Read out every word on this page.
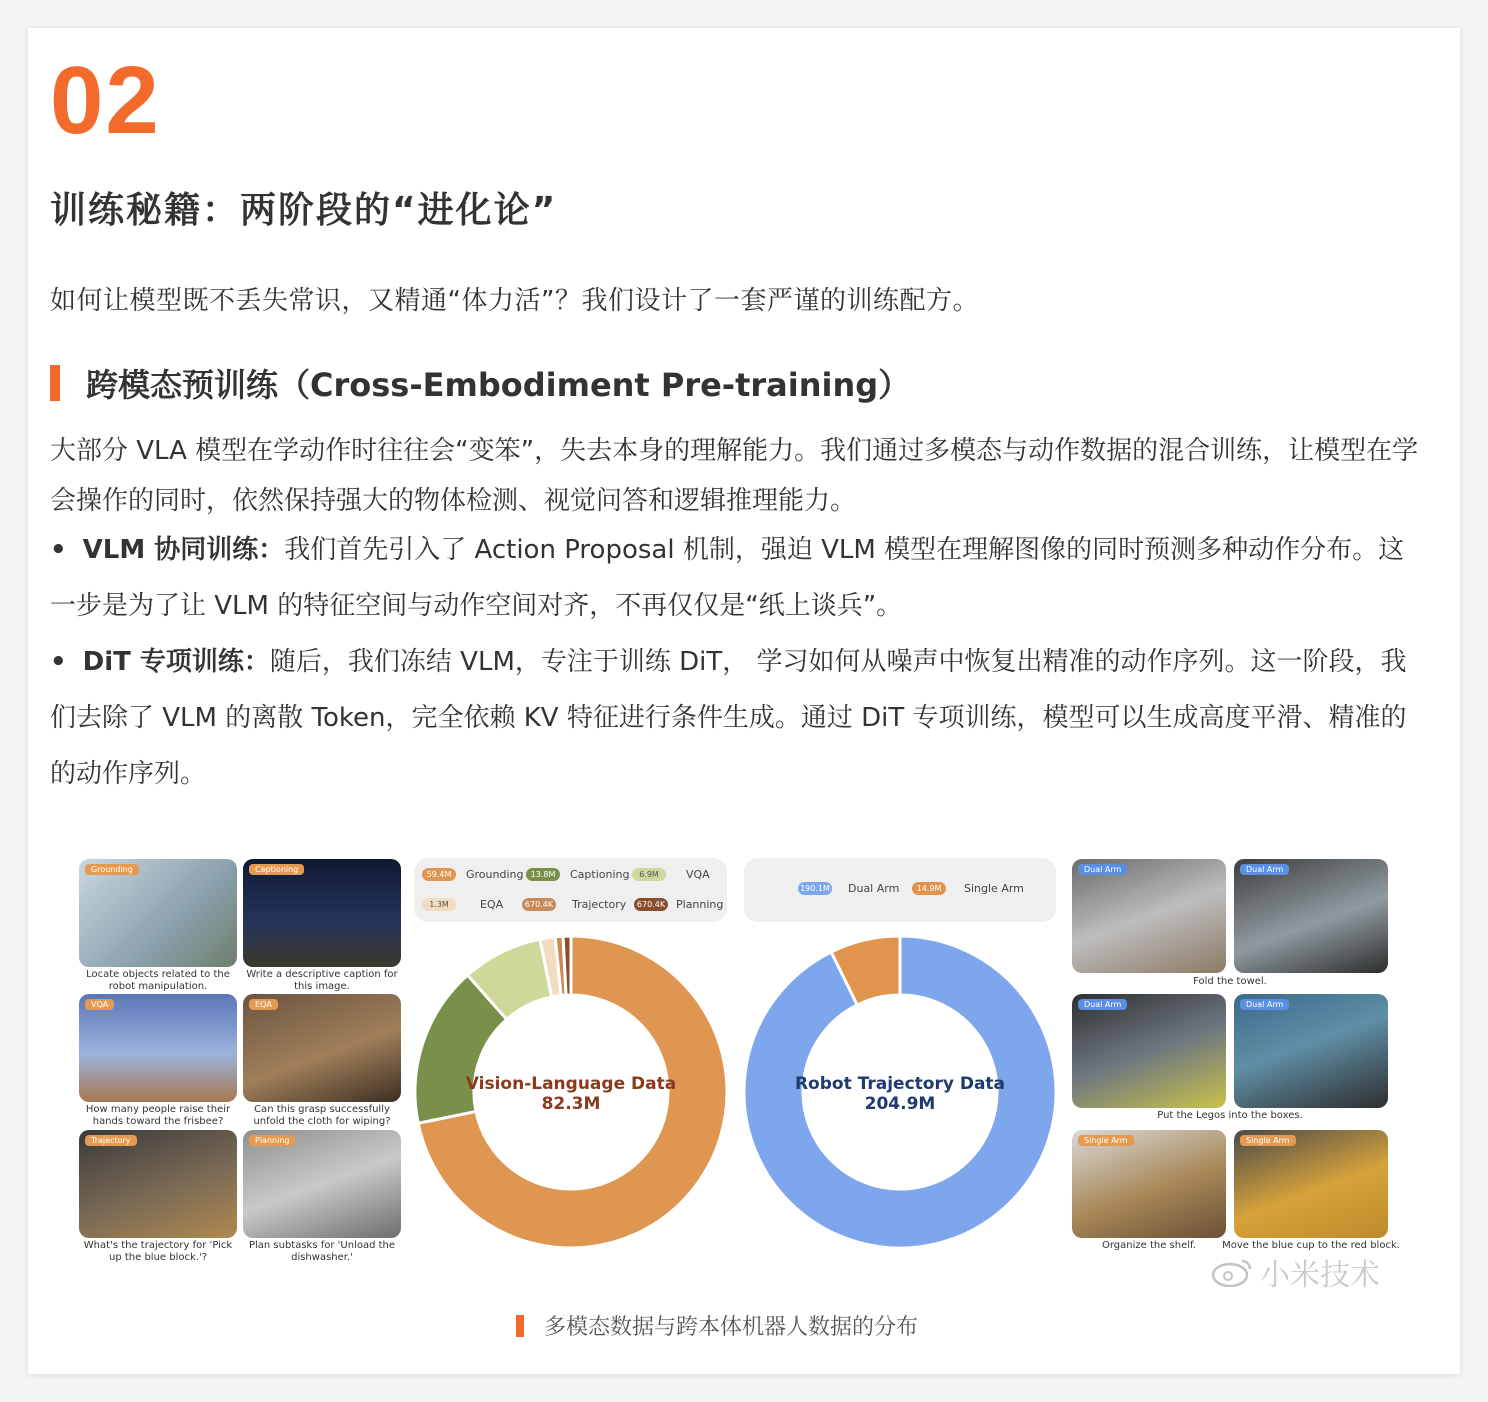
02
训练秘籍：两阶段的“进化论”
如何让模型既不丢失常识，又精通“体力活”？我们设计了一套严谨的训练配方。
跨模态预训练（Cross-Embodiment Pre-training）
大部分 VLA 模型在学动作时往往会“变笨”，失去本身的理解能力。我们通过多模态与动作数据的混合训练，让模型在学会操作的同时，依然保持强大的物体检测、视觉问答和逻辑推理能力。
• VLM 协同训练：我们首先引入了 Action Proposal 机制，强迫 VLM 模型在理解图像的同时预测多种动作分布。这一步是为了让 VLM 的特征空间与动作空间对齐，不再仅仅是“纸上谈兵”。
• DiT 专项训练：随后，我们冻结 VLM，专注于训练 DiT， 学习如何从噪声中恢复出精准的动作序列。这一阶段，我们去除了 VLM 的离散 Token，完全依赖 KV 特征进行条件生成。通过 DiT 专项训练，模型可以生成高度平滑、精准的的动作序列。
Grounding	Captioning
Locate objects related to the robot manipulation.
Write a descriptive caption for this image.
VQA	EQA
How many people raise their hands toward the frisbee?
Can this grasp successfully unfold the cloth for wiping?
Trajectory	Planning
What's the trajectory for 'Pick up the blue block.'?
Plan subtasks for 'Unload the dishwasher.'
59.4M	Grounding 13.8M	Captioning	6.9M	VQA
1.3M	EQA	670.4K Trajectory	670.4K Planning
190.1M Dual Arm	14.9M	Single Arm
Vision-Language Data
82.3M
Robot Trajectory Data
204.9M
Dual Arm	Dual Arm
Fold the towel.
Dual Arm	Dual Arm
Put the Legos into the boxes.
Single Arm	Single Arm
Organize the shelf.	Move the blue cup to the red block.
小米技术
多模态数据与跨本体机器人数据的分布
